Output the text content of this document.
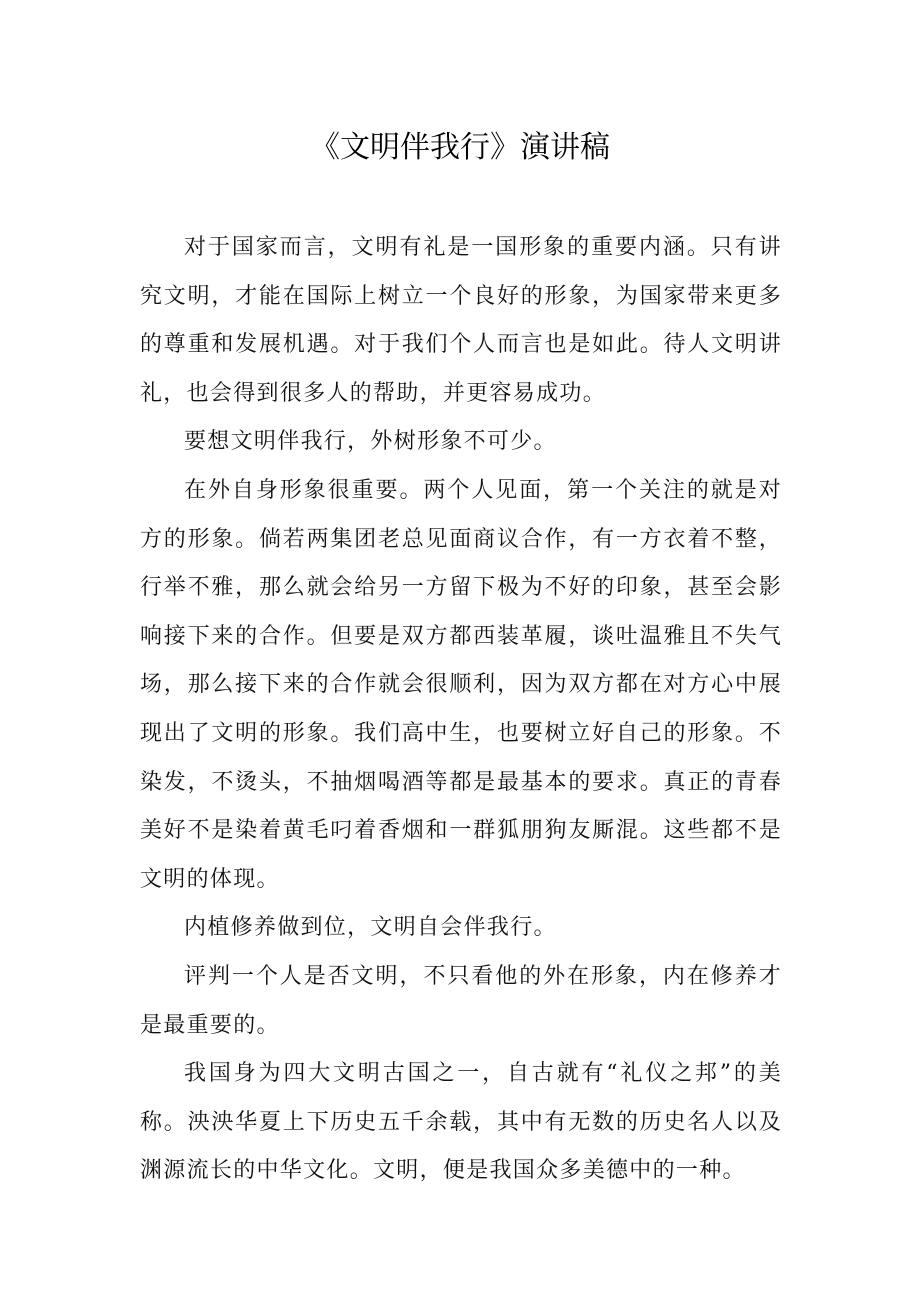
《文明伴我行》演讲稿

对于国家而言，文明有礼是一国形象的重要内涵。只有讲究文明，才能在国际上树立一个良好的形象，为国家带来更多的尊重和发展机遇。对于我们个人而言也是如此。待人文明讲礼，也会得到很多人的帮助，并更容易成功。

要想文明伴我行，外树形象不可少。

在外自身形象很重要。两个人见面，第一个关注的就是对方的形象。倘若两集团老总见面商议合作，有一方衣着不整，行举不雅，那么就会给另一方留下极为不好的印象，甚至会影响接下来的合作。但要是双方都西装革履，谈吐温雅且不失气场，那么接下来的合作就会很顺利，因为双方都在对方心中展现出了文明的形象。我们高中生，也要树立好自己的形象。不染发，不烫头，不抽烟喝酒等都是最基本的要求。真正的青春美好不是染着黄毛叼着香烟和一群狐朋狗友厮混。这些都不是文明的体现。

内植修养做到位，文明自会伴我行。

评判一个人是否文明，不只看他的外在形象，内在修养才是最重要的。

我国身为四大文明古国之一，自古就有“礼仪之邦”的美称。泱泱华夏上下历史五千余载，其中有无数的历史名人以及渊源流长的中华文化。文明，便是我国众多美德中的一种。
